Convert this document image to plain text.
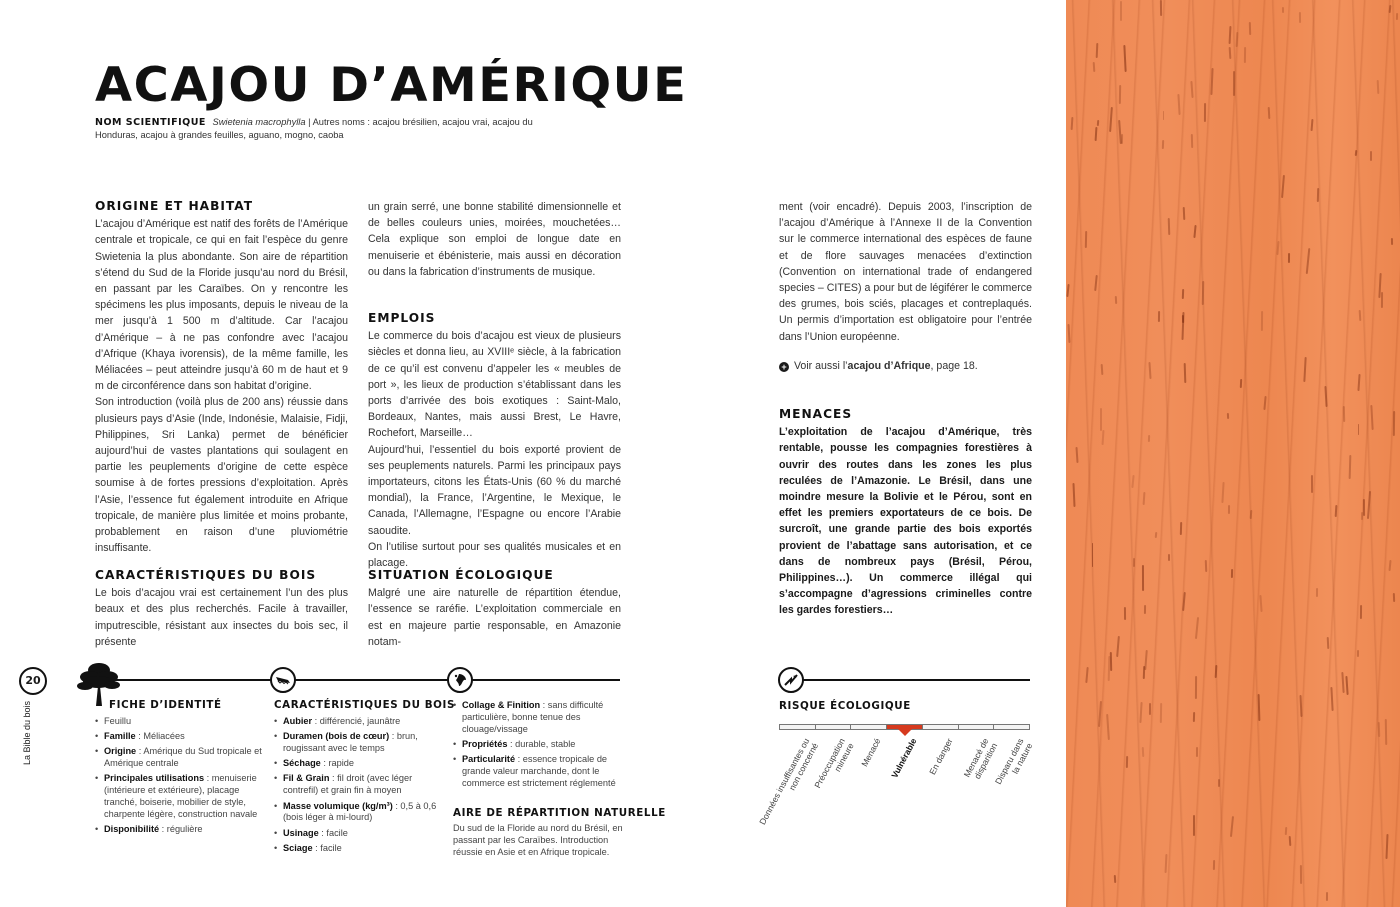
ACAJOU D’AMÉRIQUE
NOM SCIENTIFIQUE Swietenia macrophylla | Autres noms : acajou brésilien, acajou vrai, acajou du Honduras, acajou à grandes feuilles, aguano, mogno, caoba
ORIGINE ET HABITAT

L’acajou d’Amérique est natif des forêts de l’Amérique centrale et tropicale, ce qui en fait l’espèce du genre Swietenia la plus abondante. Son aire de répartition s’étend du Sud de la Floride jusqu’au nord du Brésil, en passant par les Caraïbes. On y rencontre les spécimens les plus imposants, depuis le niveau de la mer jusqu’à 1 500 m d’altitude. Car l’acajou d’Amérique – à ne pas confondre avec l’acajou d’Afrique (Khaya ivorensis), de la même famille, les Méliacées – peut atteindre jusqu’à 60 m de haut et 9 m de circonférence dans son habitat d’origine.

Son introduction (voilà plus de 200 ans) réussie dans plusieurs pays d’Asie (Inde, Indonésie, Malaisie, Fidji, Philippines, Sri Lanka) permet de bénéficier aujourd’hui de vastes plantations qui soulagent en partie les peuplements d’origine de cette espèce soumise à de fortes pressions d’exploitation. Après l’Asie, l’essence fut également introduite en Afrique tropicale, de manière plus limitée et moins probante, probablement en raison d’une pluviométrie insuffisante.

CARACTÉRISTIQUES DU BOIS

Le bois d’acajou vrai est certainement l’un des plus beaux et des plus recherchés. Facile à travailler, imputrescible, résistant aux insectes du bois sec, il présente

un grain serré, une bonne stabilité dimensionnelle et de belles couleurs unies, moirées, mouchetées… Cela explique son emploi de longue date en menuiserie et ébénisterie, mais aussi en décoration ou dans la fabrication d’instruments de musique.

EMPLOIS

Le commerce du bois d’acajou est vieux de plusieurs siècles et donna lieu, au XVIIIᵉ siècle, à la fabrication de ce qu’il est convenu d’appeler les « meubles de port », les lieux de production s’établissant dans les ports d’arrivée des bois exotiques : Saint-Malo, Bordeaux, Nantes, mais aussi Brest, Le Havre, Rochefort, Marseille…

Aujourd’hui, l’essentiel du bois exporté provient de ses peuplements naturels. Parmi les principaux pays importateurs, citons les États-Unis (60 % du marché mondial), la France, l’Argentine, le Mexique, le Canada, l’Allemagne, l’Espagne ou encore l’Arabie saoudite.

On l’utilise surtout pour ses qualités musicales et en placage.

SITUATION ÉCOLOGIQUE

Malgré une aire naturelle de répartition étendue, l’essence se raréfie. L’exploitation commerciale en est en majeure partie responsable, en Amazonie notam-

ment (voir encadré). Depuis 2003, l’inscription de l’acajou d’Amérique à l’Annexe II de la Convention sur le commerce international des espèces de faune et de flore sauvages menacées d’extinction (Convention on international trade of endangered species – CITES) a pour but de légiférer le commerce des grumes, bois sciés, placages et contreplaqués. Un permis d’importation est obligatoire pour l’entrée dans l’Union européenne.

+ Voir aussi l’acajou d’Afrique, page 18.
MENACES

L’exploitation de l’acajou d’Amérique, très rentable, pousse les compagnies forestières à ouvrir des routes dans les zones les plus reculées de l’Amazonie. Le Brésil, dans une moindre mesure la Bolivie et le Pérou, sont en effet les premiers exportateurs de ce bois. De surcroît, une grande partie des bois exportés provient de l’abattage sans autorisation, et ce dans de nombreux pays (Brésil, Pérou, Philippines…). Un commerce illégal qui s’accompagne d’agressions criminelles contre les gardes forestiers…

20
La Bible du bois	FICHE D’IDENTITÉ
• Feuillu
• Famille : Méliacées
• Origine : Amérique du Sud tropicale et Amérique centrale
• Principales utilisations : menuiserie (intérieure et extérieure), placage tranché, boiserie, mobilier de style, charpente légère, construction navale
• Disponibilité : régulière
CARACTÉRISTIQUES DU BOIS
• Aubier : différencié, jaunâtre
• Duramen (bois de cœur) : brun, rougissant avec le temps
• Séchage : rapide
• Fil & Grain : fil droit (avec léger contrefil) et grain fin à moyen
• Masse volumique (kg/m³) : 0,5 à 0,6 (bois léger à mi-lourd)
• Usinage : facile
• Sciage : facile
• Collage & Finition : sans difficulté particulière, bonne tenue des clouage/vissage
• Propriétés : durable, stable
• Particularité : essence tropicale de grande valeur marchande, dont le commerce est strictement réglementé
AIRE DE RÉPARTITION NATURELLE
Du sud de la Floride au nord du Brésil, en passant par les Caraïbes. Introduction réussie en Asie et en Afrique tropicale.
RISQUE ÉCOLOGIQUE
Données insuffisantes ou
non concerné
Préoccupation
mineure Menacé Vulnérable En danger Menacé de
disparition
Disparu dans
la nature
